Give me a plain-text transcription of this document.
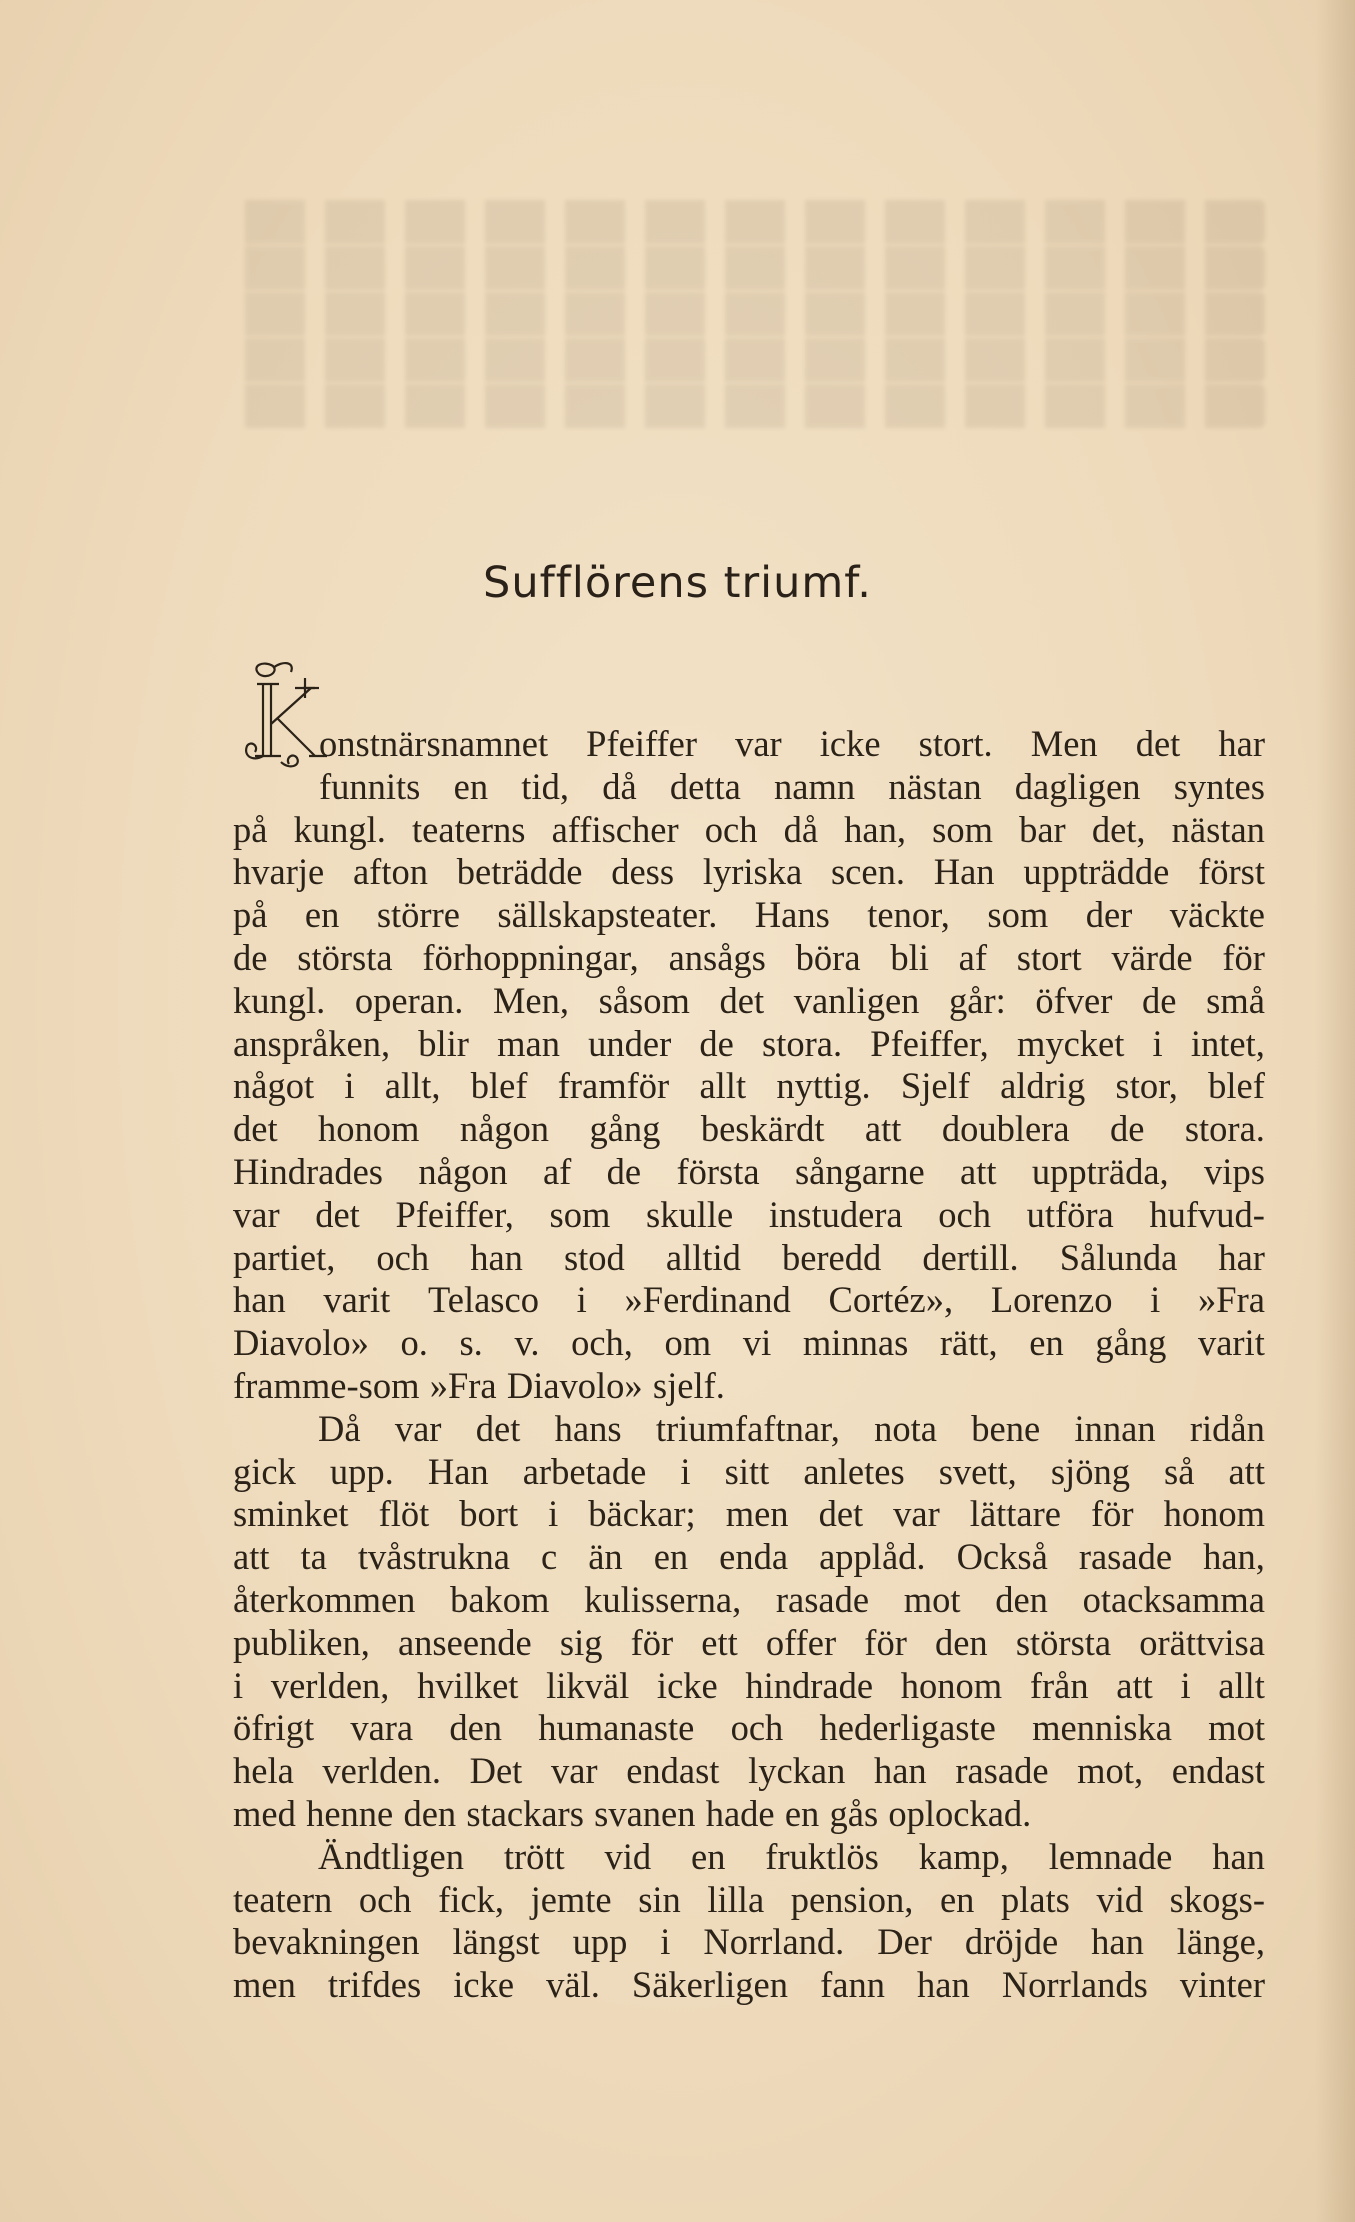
Sufflörens triumf.
onstnärsnamnet Pfeiffer var icke stort. Men det har
funnits en tid, då detta namn nästan dagligen syntes
på kungl. teaterns affischer och då han, som bar det, nästan
hvarje afton beträdde dess lyriska scen. Han uppträdde först
på en större sällskapsteater. Hans tenor, som der väckte
de största förhoppningar, ansågs böra bli af stort värde för
kungl. operan. Men, såsom det vanligen går: öfver de små
anspråken, blir man under de stora. Pfeiffer, mycket i intet,
något i allt, blef framför allt nyttig. Sjelf aldrig stor, blef
det honom någon gång beskärdt att doublera de stora.
Hindrades någon af de första sångarne att uppträda, vips
var det Pfeiffer, som skulle instudera och utföra hufvud-
partiet, och han stod alltid beredd dertill. Sålunda har
han varit Telasco i »Ferdinand Cortéz», Lorenzo i »Fra
Diavolo» o. s. v. och, om vi minnas rätt, en gång varit
framme-som »Fra Diavolo» sjelf.
Då var det hans triumfaftnar, nota bene innan ridån
gick upp. Han arbetade i sitt anletes svett, sjöng så att
sminket flöt bort i bäckar; men det var lättare för honom
att ta tvåstrukna c än en enda applåd. Också rasade han,
återkommen bakom kulisserna, rasade mot den otacksamma
publiken, anseende sig för ett offer för den största orättvisa
i verlden, hvilket likväl icke hindrade honom från att i allt
öfrigt vara den humanaste och hederligaste menniska mot
hela verlden. Det var endast lyckan han rasade mot, endast
med henne den stackars svanen hade en gås oplockad.
Ändtligen trött vid en fruktlös kamp, lemnade han
teatern och fick, jemte sin lilla pension, en plats vid skogs-
bevakningen längst upp i Norrland. Der dröjde han länge,
men trifdes icke väl. Säkerligen fann han Norrlands vinter
